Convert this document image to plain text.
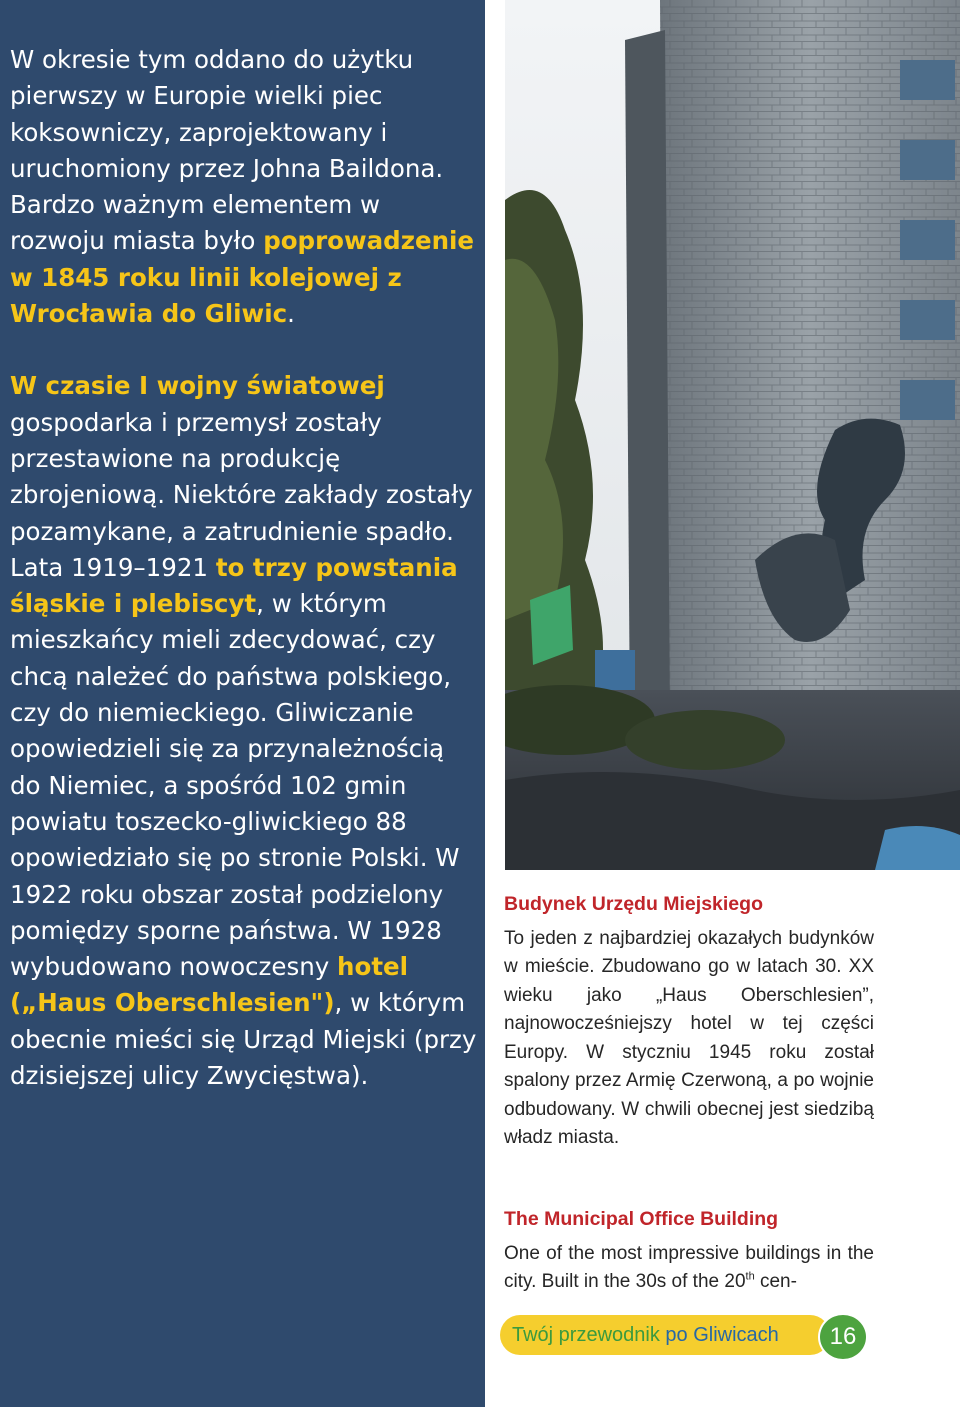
W okresie tym oddano do użytku pierwszy w Europie wielki piec koksowniczy, zaprojektowany i uruchomiony przez Johna Baildona. Bardzo ważnym elementem w rozwoju miasta było poprowadzenie w 1845 roku linii kolejowej z Wrocławia do Gliwic.

W czasie I wojny światowej gospodarka i przemysł zostały przestawione na produkcję zbrojeniową. Niektóre zakłady zostały pozamykane, a zatrudnienie spadło. Lata 1919–1921 to trzy powstania śląskie i plebiscyt, w którym mieszkańcy mieli zdecydować, czy chcą należeć do państwa polskiego, czy do niemieckiego. Gliwiczanie opowiedzieli się za przynależnością do Niemiec, a spośród 102 gmin powiatu toszecko-gliwickiego 88 opowiedziało się po stronie Polski. W 1922 roku obszar został podzielony pomiędzy sporne państwa. W 1928 wybudowano nowoczesny hotel („Haus Oberschlesien"), w którym obecnie mieści się Urząd Miejski (przy dzisiejszej ulicy Zwycięstwa).

Budynek Urzędu Miejskiego

To jeden z najbardziej okazałych budynków w mieście. Zbudowano go w latach 30. XX wieku jako „Haus Oberschlesien”, najnowocześniejszy hotel w tej części Europy. W styczniu 1945 roku został spalony przez Armię Czerwoną, a po wojnie odbudowany. W chwili obecnej jest siedzibą władz miasta.

The Municipal Office Building

One of the most impressive buildings in the city. Built in the 30s of the 20th cen-

Twój przewodnik po Gliwicach	16
